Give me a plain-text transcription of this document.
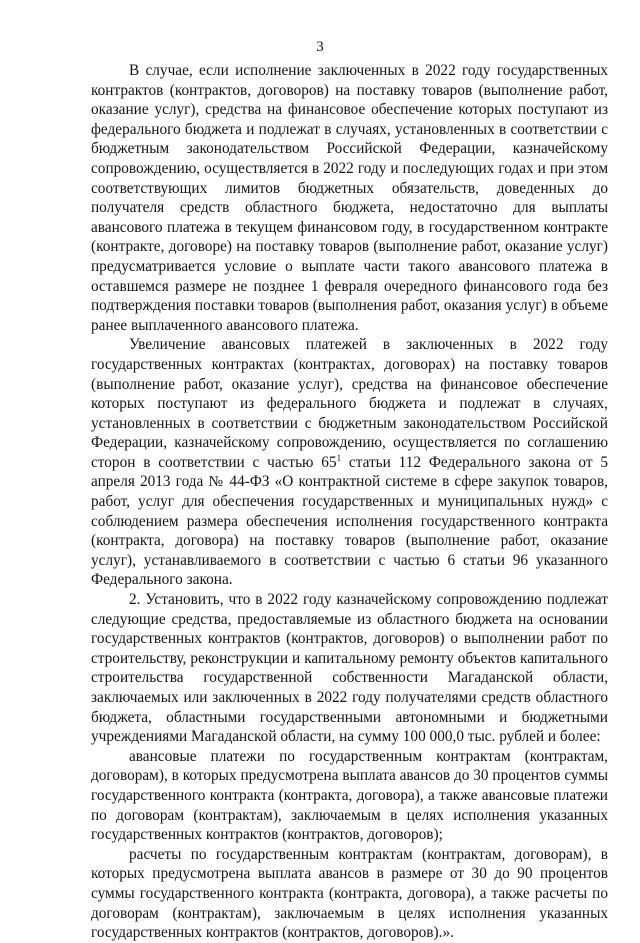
3

В случае, если исполнение заключенных в 2022 году государственных контрактов (контрактов, договоров) на поставку товаров (выполнение работ, оказание услуг), средства на финансовое обеспечение которых поступают из федерального бюджета и подлежат в случаях, установленных в соответствии с бюджетным законодательством Российской Федерации, казначейскому сопровождению, осуществляется в 2022 году и последующих годах и при этом соответствующих лимитов бюджетных обязательств, доведенных до получателя средств областного бюджета, недостаточно для выплаты авансового платежа в текущем финансовом году, в государственном контракте (контракте, договоре) на поставку товаров (выполнение работ, оказание услуг) предусматривается условие о выплате части такого авансового платежа в оставшемся размере не позднее 1 февраля очередного финансового года без подтверждения поставки товаров (выполнения работ, оказания услуг) в объеме ранее выплаченного авансового платежа.

Увеличение авансовых платежей в заключенных в 2022 году государственных контрактах (контрактах, договорах) на поставку товаров (выполнение работ, оказание услуг), средства на финансовое обеспечение которых поступают из федерального бюджета и подлежат в случаях, установленных в соответствии с бюджетным законодательством Российской Федерации, казначейскому сопровождению, осуществляется по соглашению сторон в соответствии с частью $65^1$ статьи 112 Федерального закона от 5 апреля 2013 года № 44-ФЗ «О контрактной системе в сфере закупок товаров, работ, услуг для обеспечения государственных и муниципальных нужд» с соблюдением размера обеспечения исполнения государственного контракта (контракта, договора) на поставку товаров (выполнение работ, оказание услуг), устанавливаемого в соответствии с частью 6 статьи 96 указанного Федерального закона.

2. Установить, что в 2022 году казначейскому сопровождению подлежат следующие средства, предоставляемые из областного бюджета на основании государственных контрактов (контрактов, договоров) о выполнении работ по строительству, реконструкции и капитальному ремонту объектов капитального строительства государственной собственности Магаданской области, заключаемых или заключенных в 2022 году получателями средств областного бюджета, областными государственными автономными и бюджетными учреждениями Магаданской области, на сумму 100 000,0 тыс. рублей и более:

авансовые платежи по государственным контрактам (контрактам, договорам), в которых предусмотрена выплата авансов до 30 процентов суммы государственного контракта (контракта, договора), а также авансовые платежи по договорам (контрактам), заключаемым в целях исполнения указанных государственных контрактов (контрактов, договоров);

расчеты по государственным контрактам (контрактам, договорам), в которых предусмотрена выплата авансов в размере от 30 до 90 процентов суммы государственного контракта (контракта, договора), а также расчеты по договорам (контрактам), заключаемым в целях исполнения указанных государственных контрактов (контрактов, договоров).».
